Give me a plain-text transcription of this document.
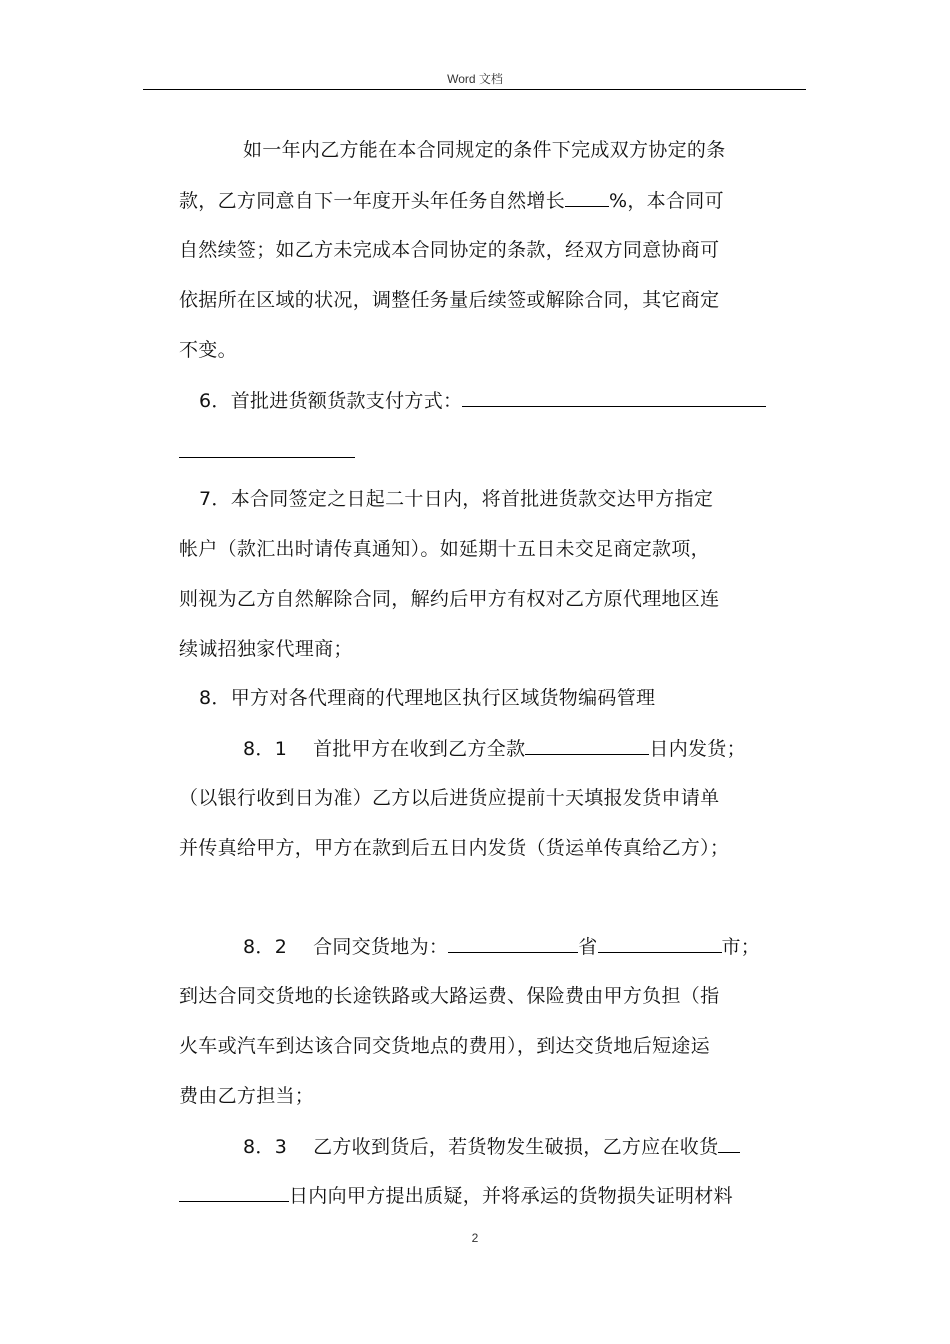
Word 文档
如一年内乙方能在本合同规定的条件下完成双方协定的条
款，乙方同意自下一年度开头年任务自然增长 %，本合同可
自然续签；如乙方未完成本合同协定的条款，经双方同意协商可
依据所在区域的状况，调整任务量后续签或解除合同，其它商定
不变。
6．首批进货额货款支付方式：
7．本合同签定之日起二十日内，将首批进货款交达甲方指定
帐户（款汇出时请传真通知）。如延期十五日未交足商定款项，
则视为乙方自然解除合同，解约后甲方有权对乙方原代理地区连
续诚招独家代理商；
8．甲方对各代理商的代理地区执行区域货物编码管理
8．1 首批甲方在收到乙方全款	日内发货；
（以银行收到日为准）乙方以后进货应提前十天填报发货申请单
并传真给甲方，甲方在款到后五日内发货（货运单传真给乙方）；
8．2 合同交货地为：	省	市；
到达合同交货地的长途铁路或大路运费、保险费由甲方负担（指
火车或汽车到达该合同交货地点的费用），到达交货地后短途运
费由乙方担当；
8．3 乙方收到货后，若货物发生破损，乙方应在收货
日内向甲方提出质疑，并将承运的货物损失证明材料
2
